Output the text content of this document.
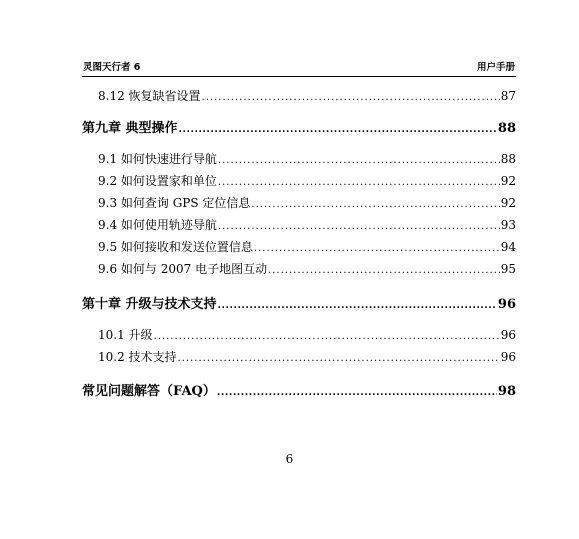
灵图天行者 6	用户手册
8.12 恢复缺省设置 .....	87
第九章 典型操作 .....	88
9.1 如何快速进行导航 .....	88
9.2 如何设置家和单位 .....	92
9.3 如何查询 GPS 定位信息 .....	92
9.4 如何使用轨迹导航 .....	93
9.5 如何接收和发送位置信息 .....	94
9.6 如何与 2007 电子地图互动 .....	95
第十章 升级与技术支持 .....	96
10.1 升级 .....	96
10.2 技术支持 .....	96
常见问题解答（FAQ） .....	98
6
